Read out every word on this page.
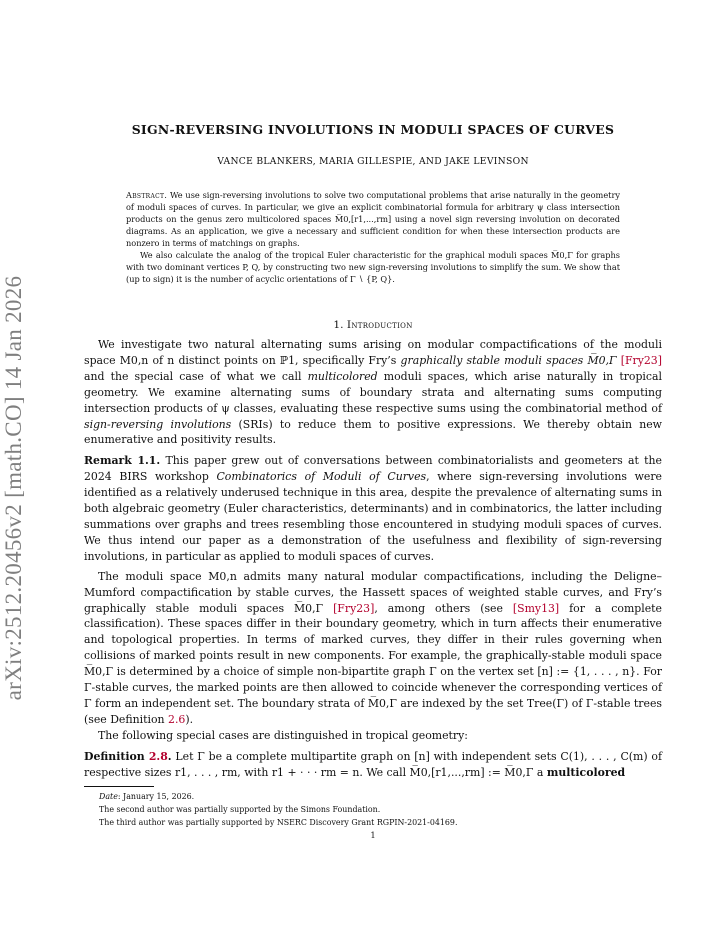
arXiv:2512.20456v2 [math.CO] 14 Jan 2026
SIGN-REVERSING INVOLUTIONS IN MODULI SPACES OF CURVES
VANCE BLANKERS, MARIA GILLESPIE, AND JAKE LEVINSON

Abstract. We use sign-reversing involutions to solve two computational problems that arise naturally in the geometry of moduli spaces of curves. In particular, we give an explicit combinatorial formula for arbitrary ψ class intersection products on the genus zero multicolored spaces M̅0,[r1,...,rm] using a novel sign reversing involution on decorated diagrams. As an application, we give a necessary and sufficient condition for when these intersection products are nonzero in terms of matchings on graphs.

We also calculate the analog of the tropical Euler characteristic for the graphical moduli spaces M̅0,Γ for graphs with two dominant vertices P, Q, by constructing two new sign-reversing involutions to simplify the sum. We show that (up to sign) it is the number of acyclic orientations of Γ ∖ {P, Q}.

1. Introduction

We investigate two natural alternating sums arising on modular compactifications of the moduli space M0,n of n distinct points on ℙ1, specifically Fry’s graphically stable moduli spaces M̅0,Γ [Fry23] and the special case of what we call multicolored moduli spaces, which arise naturally in tropical geometry. We examine alternating sums of boundary strata and alternating sums computing intersection products of ψ classes, evaluating these respective sums using the combinatorial method of sign-reversing involutions (SRIs) to reduce them to positive expressions. We thereby obtain new enumerative and positivity results.

Remark 1.1. This paper grew out of conversations between combinatorialists and geometers at the 2024 BIRS workshop Combinatorics of Moduli of Curves, where sign-reversing involutions were identified as a relatively underused technique in this area, despite the prevalence of alternating sums in both algebraic geometry (Euler characteristics, determinants) and in combinatorics, the latter including summations over graphs and trees resembling those encountered in studying moduli spaces of curves. We thus intend our paper as a demonstration of the usefulness and flexibility of sign-reversing involutions, in particular as applied to moduli spaces of curves.

The moduli space M0,n admits many natural modular compactifications, including the Deligne–Mumford compactification by stable curves, the Hassett spaces of weighted stable curves, and Fry’s graphically stable moduli spaces M̅0,Γ [Fry23], among others (see [Smy13] for a complete classification). These spaces differ in their boundary geometry, which in turn affects their enumerative and topological properties. In terms of marked curves, they differ in their rules governing when collisions of marked points result in new components. For example, the graphically-stable moduli space M̅0,Γ is determined by a choice of simple non-bipartite graph Γ on the vertex set [n] := {1, . . . , n}. For Γ-stable curves, the marked points are then allowed to coincide whenever the corresponding vertices of Γ form an independent set. The boundary strata of M̅0,Γ are indexed by the set Tree(Γ) of Γ-stable trees (see Definition 2.6).

The following special cases are distinguished in tropical geometry:

Definition 2.8. Let Γ be a complete multipartite graph on [n] with independent sets C(1), . . . , C(m) of respective sizes r1, . . . , rm, with r1 + · · · rm = n. We call M̅0,[r1,...,rm] := M̅0,Γ a multicolored

Date: January 15, 2026.
The second author was partially supported by the Simons Foundation.
The third author was partially supported by NSERC Discovery Grant RGPIN-2021-04169.
1
